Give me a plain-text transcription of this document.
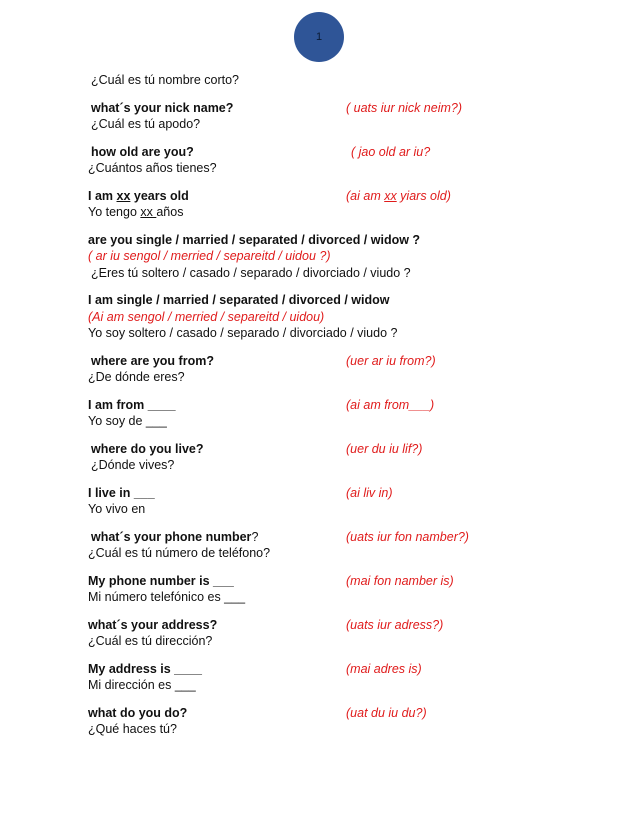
1
¿Cuál es tú nombre corto?
what´s your nick name?	( uats iur nick neim?)
¿Cuál es tú apodo?
how old are you?	( jao old ar iu?
¿Cuántos años tienes?
I am xx years old	(ai am xx yiars old)
Yo tengo xx años
are you single / married / separated / divorced / widow ?
( ar iu sengol / merried / separeitd / uidou ?)
¿Eres tú soltero / casado / separado / divorciado / viudo ?
I am single / married / separated / divorced / widow
(Ai am sengol / merried / separeitd / uidou)
Yo soy soltero / casado / separado / divorciado / viudo ?
where are you from?	(uer ar iu from?)
¿De dónde eres?
I am from ____	(ai am from___)
Yo soy de ___
where do you live?	(uer du iu lif?)
¿Dónde vives?
I live in ___	(ai liv in)
Yo vivo en
what´s your phone number?	(uats iur fon namber?)
¿Cuál es tú número de teléfono?
My phone number is ___	(mai fon namber is)
Mi número telefónico es ___
what´s your address?	(uats iur adress?)
¿Cuál es tú dirección?
My address is ____	(mai adres is)
Mi dirección es ___
what do you do?	(uat du iu du?)
¿Qué haces tú?
